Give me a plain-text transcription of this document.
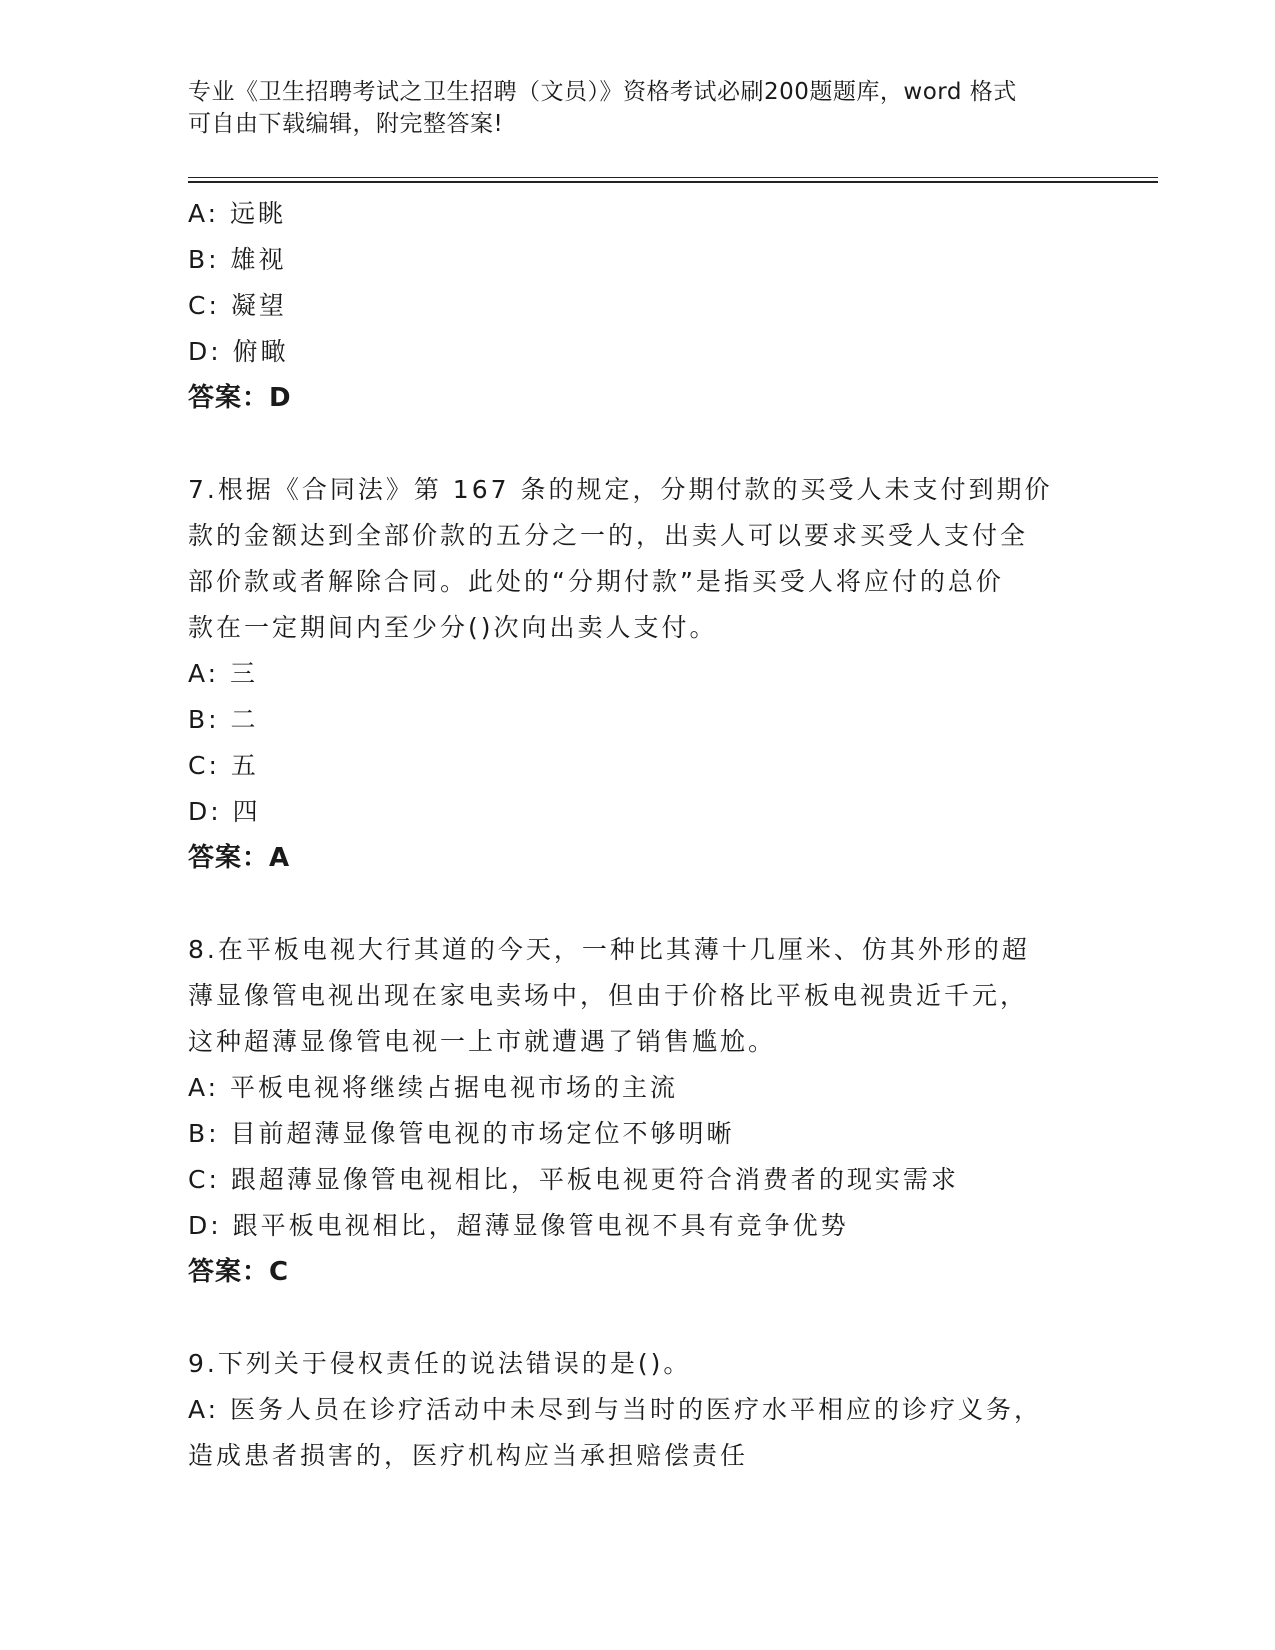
专业《卫生招聘考试之卫生招聘（文员）》资格考试必刷200题题库，word 格式
可自由下载编辑，附完整答案!
A: 远眺
B: 雄视
C: 凝望
D: 俯瞰
答案：D
7.根据《合同法》第 167 条的规定，分期付款的买受人未支付到期价
款的金额达到全部价款的五分之一的，出卖人可以要求买受人支付全
部价款或者解除合同。此处的“分期付款”是指买受人将应付的总价
款在一定期间内至少分()次向出卖人支付。
A: 三
B: 二
C: 五
D: 四
答案：A
8.在平板电视大行其道的今天，一种比其薄十几厘米、仿其外形的超
薄显像管电视出现在家电卖场中，但由于价格比平板电视贵近千元，
这种超薄显像管电视一上市就遭遇了销售尴尬。
A: 平板电视将继续占据电视市场的主流
B: 目前超薄显像管电视的市场定位不够明晰
C: 跟超薄显像管电视相比，平板电视更符合消费者的现实需求
D: 跟平板电视相比，超薄显像管电视不具有竞争优势
答案：C
9.下列关于侵权责任的说法错误的是()。
A: 医务人员在诊疗活动中未尽到与当时的医疗水平相应的诊疗义务，
造成患者损害的，医疗机构应当承担赔偿责任
